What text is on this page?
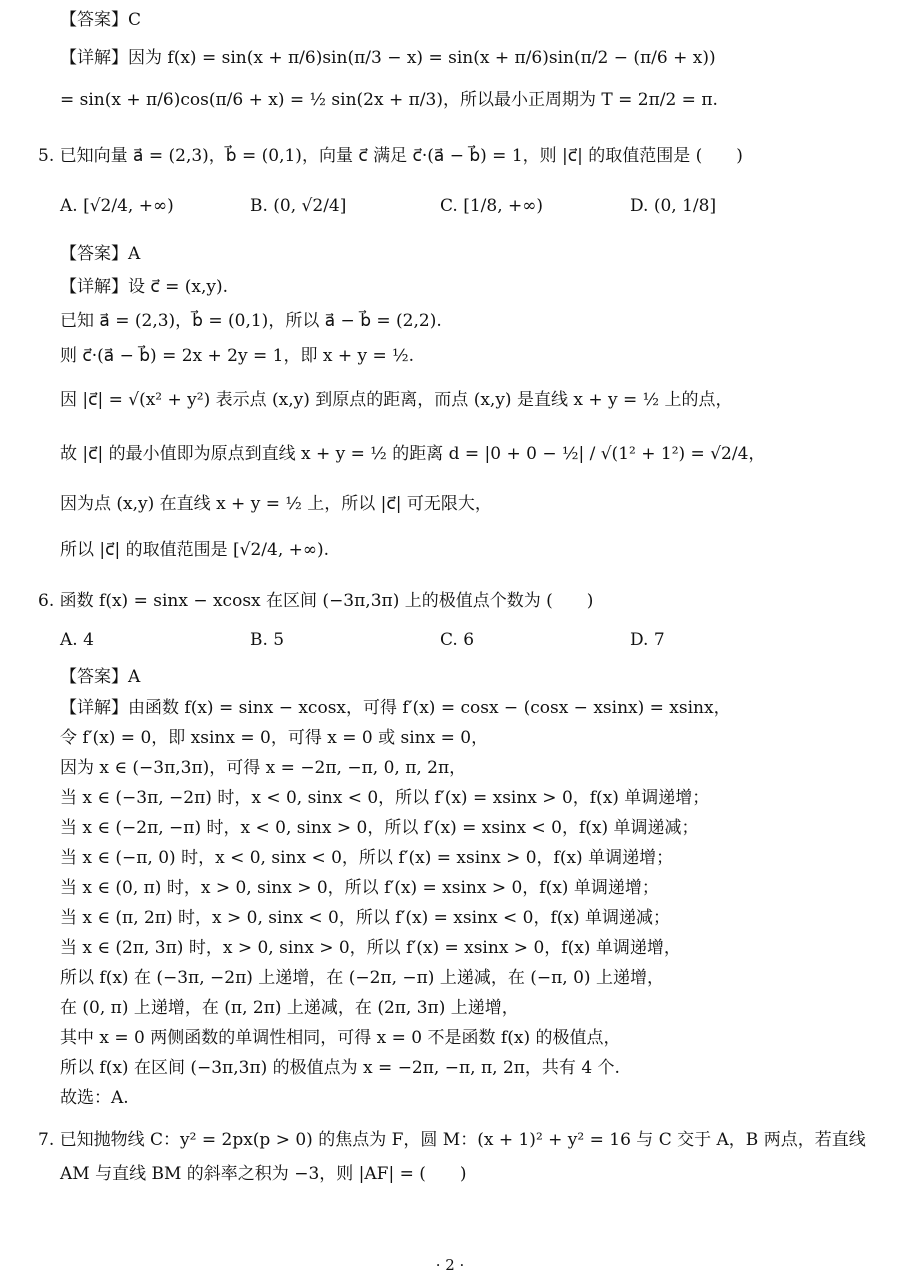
【答案】C
【详解】因为 f(x) = sin(x + π/6)sin(π/3 − x) = sin(x + π/6)sin(π/2 − (π/6 + x))
= sin(x + π/6)cos(π/6 + x) = ½ sin(2x + π/3)，所以最小正周期为 T = 2π/2 = π.
5. 已知向量 a⃗ = (2,3)，b⃗ = (0,1)，向量 c⃗ 满足 c⃗·(a⃗ − b⃗) = 1，则 |c⃗| 的取值范围是 (　　)
A. [√2/4, +∞)	B. (0, √2/4]	C. [1/8, +∞)	D. (0, 1/8]
【答案】A
【详解】设 c⃗ = (x,y).
已知 a⃗ = (2,3)，b⃗ = (0,1)，所以 a⃗ − b⃗ = (2,2).
则 c⃗·(a⃗ − b⃗) = 2x + 2y = 1，即 x + y = ½.
因 |c⃗| = √(x² + y²) 表示点 (x,y) 到原点的距离，而点 (x,y) 是直线 x + y = ½ 上的点，
故 |c⃗| 的最小值即为原点到直线 x + y = ½ 的距离 d = |0 + 0 − ½| / √(1² + 1²) = √2/4，
因为点 (x,y) 在直线 x + y = ½ 上，所以 |c⃗| 可无限大，
所以 |c⃗| 的取值范围是 [√2/4, +∞).
6. 函数 f(x) = sinx − xcosx 在区间 (−3π,3π) 上的极值点个数为 (　　)
A. 4	B. 5	C. 6	D. 7
【答案】A
【详解】由函数 f(x) = sinx − xcosx，可得 f′(x) = cosx − (cosx − xsinx) = xsinx，
令 f′(x) = 0，即 xsinx = 0，可得 x = 0 或 sinx = 0，
因为 x ∈ (−3π,3π)，可得 x = −2π, −π, 0, π, 2π，
当 x ∈ (−3π, −2π) 时，x < 0, sinx < 0，所以 f′(x) = xsinx > 0，f(x) 单调递增；
当 x ∈ (−2π, −π) 时，x < 0, sinx > 0，所以 f′(x) = xsinx < 0，f(x) 单调递减；
当 x ∈ (−π, 0) 时，x < 0, sinx < 0，所以 f′(x) = xsinx > 0，f(x) 单调递增；
当 x ∈ (0, π) 时，x > 0, sinx > 0，所以 f′(x) = xsinx > 0，f(x) 单调递增；
当 x ∈ (π, 2π) 时，x > 0, sinx < 0，所以 f′(x) = xsinx < 0，f(x) 单调递减；
当 x ∈ (2π, 3π) 时，x > 0, sinx > 0，所以 f′(x) = xsinx > 0，f(x) 单调递增，
所以 f(x) 在 (−3π, −2π) 上递增，在 (−2π, −π) 上递减，在 (−π, 0) 上递增，
在 (0, π) 上递增，在 (π, 2π) 上递减，在 (2π, 3π) 上递增，
其中 x = 0 两侧函数的单调性相同，可得 x = 0 不是函数 f(x) 的极值点，
所以 f(x) 在区间 (−3π,3π) 的极值点为 x = −2π, −π, π, 2π，共有 4 个.
故选：A.
7. 已知抛物线 C：y² = 2px(p > 0) 的焦点为 F，圆 M：(x + 1)² + y² = 16 与 C 交于 A，B 两点，若直线
AM 与直线 BM 的斜率之积为 −3，则 |AF| = (　　)
· 2 ·
